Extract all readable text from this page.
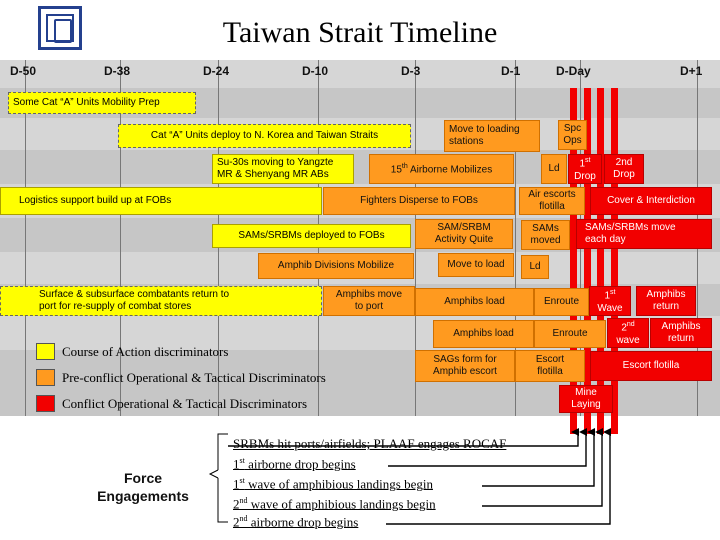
Taiwan Strait Timeline
D-50	D-38	D-24	D-10	D-3	D-1	D-Day	D+1
Some Cat “A” Units Mobility Prep
Cat “A” Units deploy to N. Korea and Taiwan Straits
Su-30s moving to Yangzte
MR & Shenyang MR ABs
Logistics support build up at FOBs
SAMs/SRBMs deployed to FOBs
Surface & subsurface combatants return to
port for re-supply of combat stores
15th Airborne Mobilizes
Fighters Disperse to FOBs
Amphib Divisions Mobilize
Amphibs move
to port
Move to loading
stations
SAM/SRBM
Activity Quite
Move to load
Amphibs load
Amphibs load
SAGs form for
Amphib escort
Spc
Ops
Ld
Air escorts
flotilla
SAMs
moved
Ld
Enroute
Enroute
Escort
flotilla
1st
Drop
2nd
Drop
Cover & Interdiction
SAMs/SRBMs move
each day
1st
Wave
Amphibs
return
2nd
wave
Amphibs
return
Escort flotilla
Mine
Laying
Course of Action discriminators
Pre-conflict Operational & Tactical Discriminators
Conflict Operational & Tactical Discriminators
Force
Engagements
SRBMs hit ports/airfields; PLAAF engages ROCAF
1st airborne drop begins
1st wave of amphibious landings begin
2nd wave of amphibious landings begin
2nd airborne drop begins
